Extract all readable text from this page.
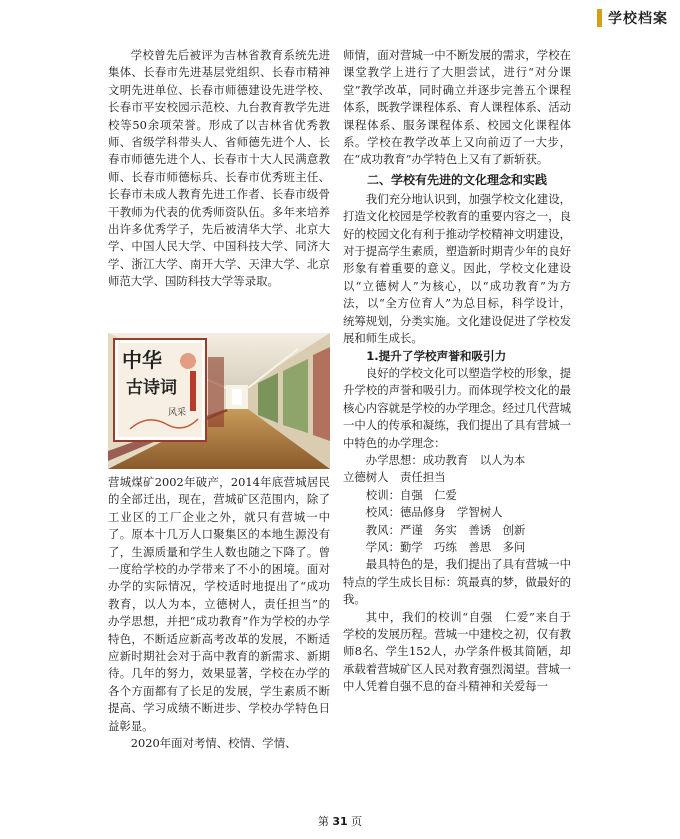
学校档案

学校曾先后被评为吉林省教育系统先进集体、长春市先进基层党组织、长春市精神文明先进单位、长春市师德建设先进学校、长春市平安校园示范校、九台教育教学先进校等50余项荣誉。形成了以吉林省优秀教师、省级学科带头人、省师德先进个人、长春市师德先进个人、长春市十大人民满意教师、长春市师德标兵、长春市优秀班主任、长春市未成人教育先进工作者、长春市级骨干教师为代表的优秀师资队伍。多年来培养出许多优秀学子，先后被清华大学、北京大学、中国人民大学、中国科技大学、同济大学、浙江大学、南开大学、天津大学、北京师范大学、国防科技大学等录取。

中华
古诗词
风采

营城煤矿2002年破产，2014年底营城居民的全部迁出，现在，营城矿区范围内，除了工业区的工厂企业之外，就只有营城一中了。原本十几万人口聚集区的本地生源没有了，生源质量和学生人数也随之下降了。曾一度给学校的办学带来了不小的困境。面对办学的实际情况，学校适时地提出了“成功教育，以人为本，立德树人，责任担当”的办学思想，并把“成功教育”作为学校的办学特色，不断适应新高考改革的发展，不断适应新时期社会对于高中教育的新需求、新期待。几年的努力，效果显著，学校在办学的各个方面都有了长足的发展，学生素质不断提高、学习成绩不断进步、学校办学特色日益彰显。

2020年面对考情、校情、学情、

师情，面对营城一中不断发展的需求，学校在课堂教学上进行了大胆尝试，进行“对分课堂”教学改革，同时确立并逐步完善五个课程体系，既教学课程体系、育人课程体系、活动课程体系、服务课程体系、校园文化课程体系。学校在教学改革上又向前迈了一大步，在“成功教育”办学特色上又有了新斩获。

二、学校有先进的文化理念和实践

我们充分地认识到，加强学校文化建设，打造文化校园是学校教育的重要内容之一，良好的校园文化有利于推动学校精神文明建设，对于提高学生素质，塑造新时期青少年的良好形象有着重要的意义。因此，学校文化建设以“立德树人”为核心，以“成功教育”为方法，以“全方位育人”为总目标，科学设计，统筹规划，分类实施。文化建设促进了学校发展和师生成长。

1.提升了学校声誉和吸引力

良好的学校文化可以塑造学校的形象，提升学校的声誉和吸引力。而体现学校文化的最核心内容就是学校的办学理念。经过几代营城一中人的传承和凝练，我们提出了具有营城一中特色的办学理念：

办学思想：成功教育　以人为本

立德树人　责任担当

校训：自强　仁爱

校风：德品修身　学智树人

教风：严谨　务实　善诱　创新

学风：勤学　巧练　善思　多问

最具特色的是，我们提出了具有营城一中特点的学生成长目标：筑最真的梦，做最好的我。

其中，我们的校训“自强　仁爱”来自于学校的发展历程。营城一中建校之初，仅有教师8名、学生152人，办学条件极其简陋，却承载着营城矿区人民对教育强烈渴望。营城一中人凭着自强不息的奋斗精神和关爱每一

第 31 页
